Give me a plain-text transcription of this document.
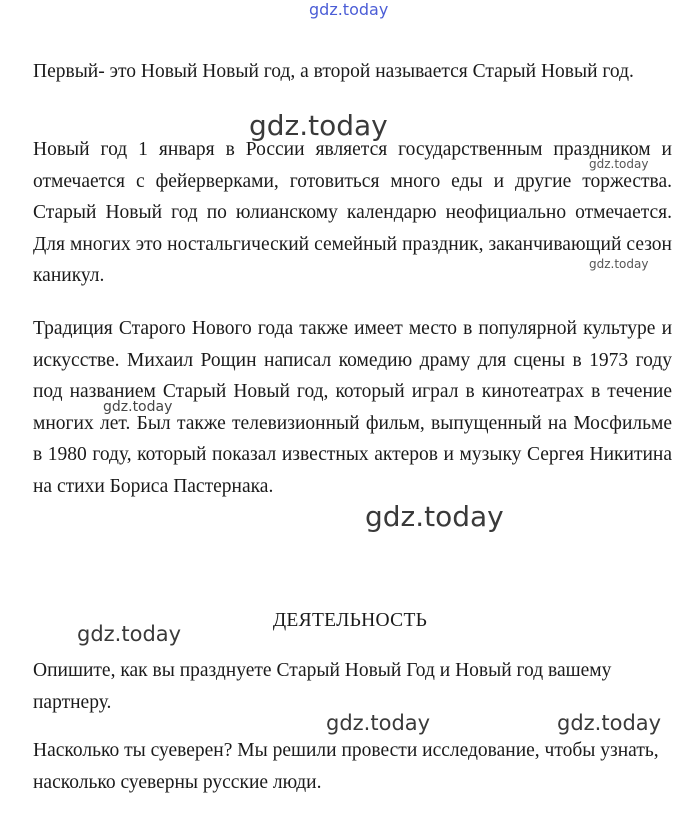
gdz.today

Первый- это Новый Новый год, а второй называется Старый Новый год.

Новый год 1 января в России является государственным праздником и отмечается с фейерверками, готовиться много еды и другие торжества. Старый Новый год по юлианскому календарю неофициально отмечается. Для многих это ностальгический семейный праздник, заканчивающий сезон каникул.

Традиция Старого Нового года также имеет место в популярной культуре и искусстве. Михаил Рощин написал комедию драму для сцены в 1973 году под названием Старый Новый год, который играл в кинотеатрах в течение многих лет. Был также телевизионный фильм, выпущенный на Мосфильме в 1980 году, который показал известных актеров и музыку Сергея Никитина на стихи Бориса Пастернака.

ДЕЯТЕЛЬНОСТЬ

Опишите, как вы празднуете Старый Новый Год и Новый год вашему партнеру.

Насколько ты суеверен? Мы решили провести исследование, чтобы узнать, насколько суеверны русские люди.

gdz.today
gdz.today
gdz.today
gdz.today
gdz.today
gdz.today
gdz.today	gdz.today
